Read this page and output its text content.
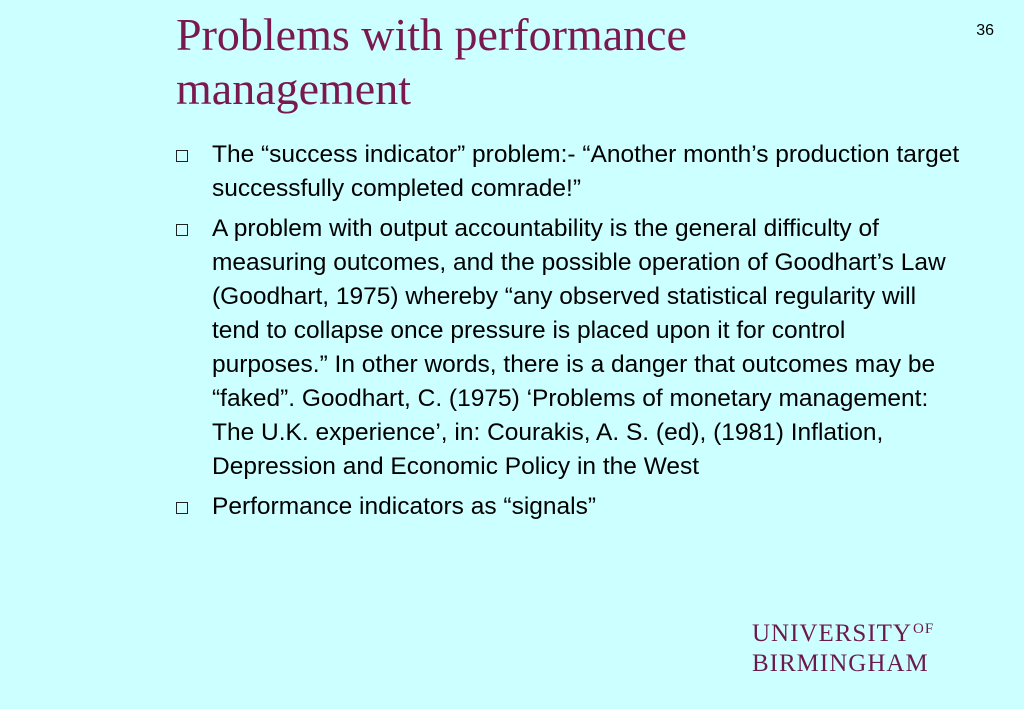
Problems with performance management
36
The “success indicator” problem:- “Another month’s production target successfully completed comrade!”
A problem with output accountability is the general difficulty of measuring outcomes, and the possible operation of Goodhart’s Law (Goodhart, 1975) whereby “any observed statistical regularity will tend to collapse once pressure is placed upon it for control purposes.” In other words, there is a danger that outcomes may be “faked”. Goodhart, C. (1975) ‘Problems of monetary management: The U.K. experience’, in: Courakis, A. S. (ed), (1981) Inflation, Depression and Economic Policy in the West
Performance indicators as “signals”
$UNIVERSITY^{OF}$
BIRMINGHAM
